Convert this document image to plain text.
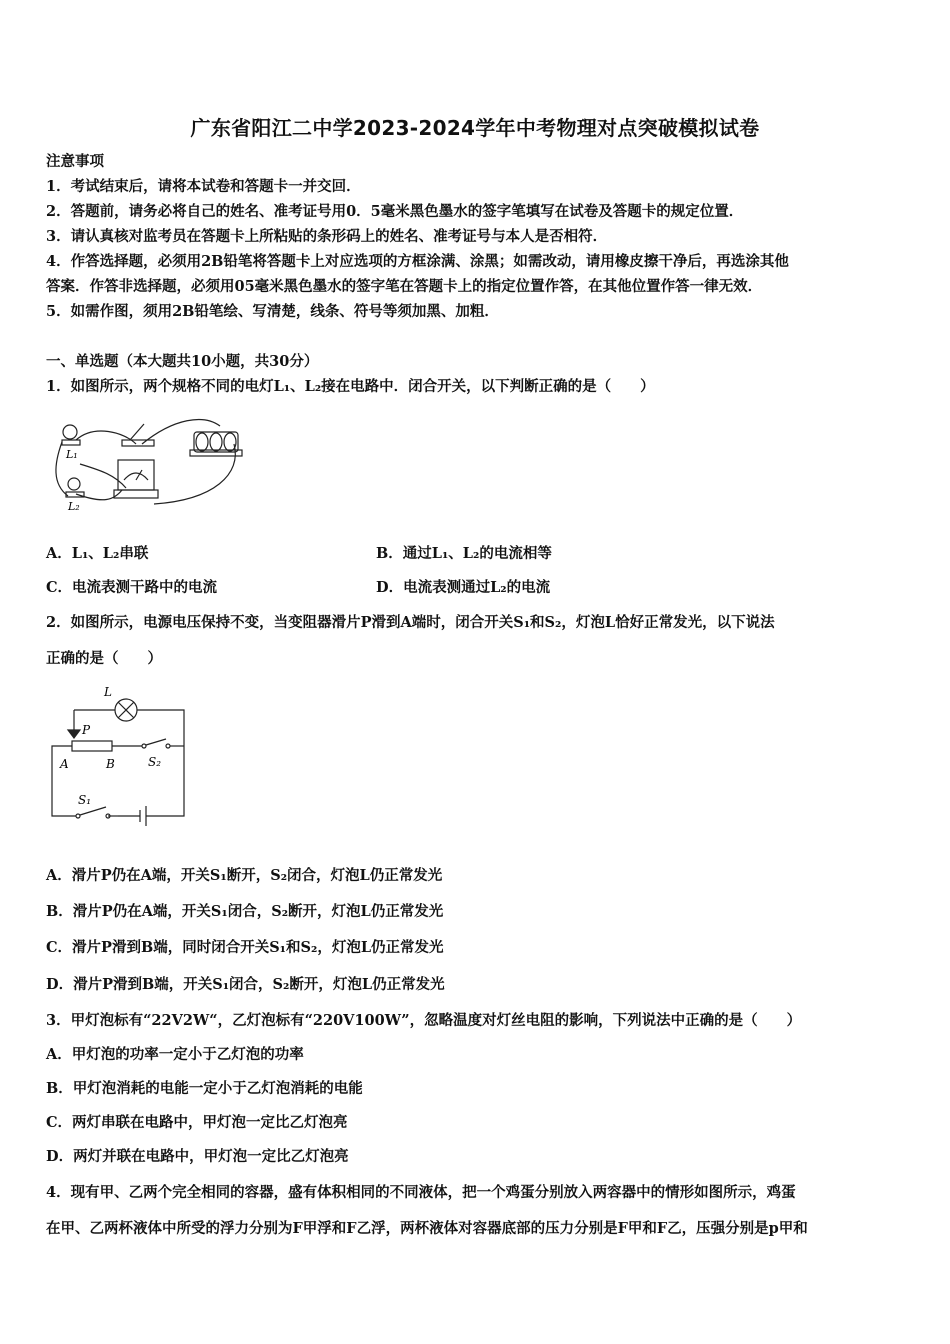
广东省阳江二中学2023-2024学年中考物理对点突破模拟试卷
注意事项
1．考试结束后，请将本试卷和答题卡一并交回．
2．答题前，请务必将自己的姓名、准考证号用0．5毫米黑色墨水的签字笔填写在试卷及答题卡的规定位置．
3．请认真核对监考员在答题卡上所粘贴的条形码上的姓名、准考证号与本人是否相符．
4．作答选择题，必须用2B铅笔将答题卡上对应选项的方框涂满、涂黑；如需改动，请用橡皮擦干净后，再选涂其他
答案．作答非选择题，必须用05毫米黑色墨水的签字笔在答题卡上的指定位置作答，在其他位置作答一律无效．
5．如需作图，须用2B铅笔绘、写清楚，线条、符号等须加黑、加粗．
一、单选题（本大题共10小题，共30分）
1．如图所示，两个规格不同的电灯L₁、L₂接在电路中．闭合开关，以下判断正确的是（　　）
L₁
L₂
A．L₁、L₂串联	B．通过L₁、L₂的电流相等
C．电流表测干路中的电流	D．电流表测通过L₂的电流
2．如图所示，电源电压保持不变，当变阻器滑片P滑到A端时，闭合开关S₁和S₂，灯泡L恰好正常发光，以下说法
正确的是（　　）
L
P
A	B	S₂
S₁
A．滑片P仍在A端，开关S₁断开，S₂闭合，灯泡L仍正常发光
B．滑片P仍在A端，开关S₁闭合，S₂断开，灯泡L仍正常发光
C．滑片P滑到B端，同时闭合开关S₁和S₂，灯泡L仍正常发光
D．滑片P滑到B端，开关S₁闭合，S₂断开，灯泡L仍正常发光
3．甲灯泡标有“22V2W“，乙灯泡标有“220V100W”，忽略温度对灯丝电阻的影响，下列说法中正确的是（　　）
A．甲灯泡的功率一定小于乙灯泡的功率
B．甲灯泡消耗的电能一定小于乙灯泡消耗的电能
C．两灯串联在电路中，甲灯泡一定比乙灯泡亮
D．两灯并联在电路中，甲灯泡一定比乙灯泡亮
4．现有甲、乙两个完全相同的容器，盛有体积相同的不同液体，把一个鸡蛋分别放入两容器中的情形如图所示，鸡蛋
在甲、乙两杯液体中所受的浮力分别为F甲浮和F乙浮，两杯液体对容器底部的压力分别是F甲和F乙，压强分别是p甲和
